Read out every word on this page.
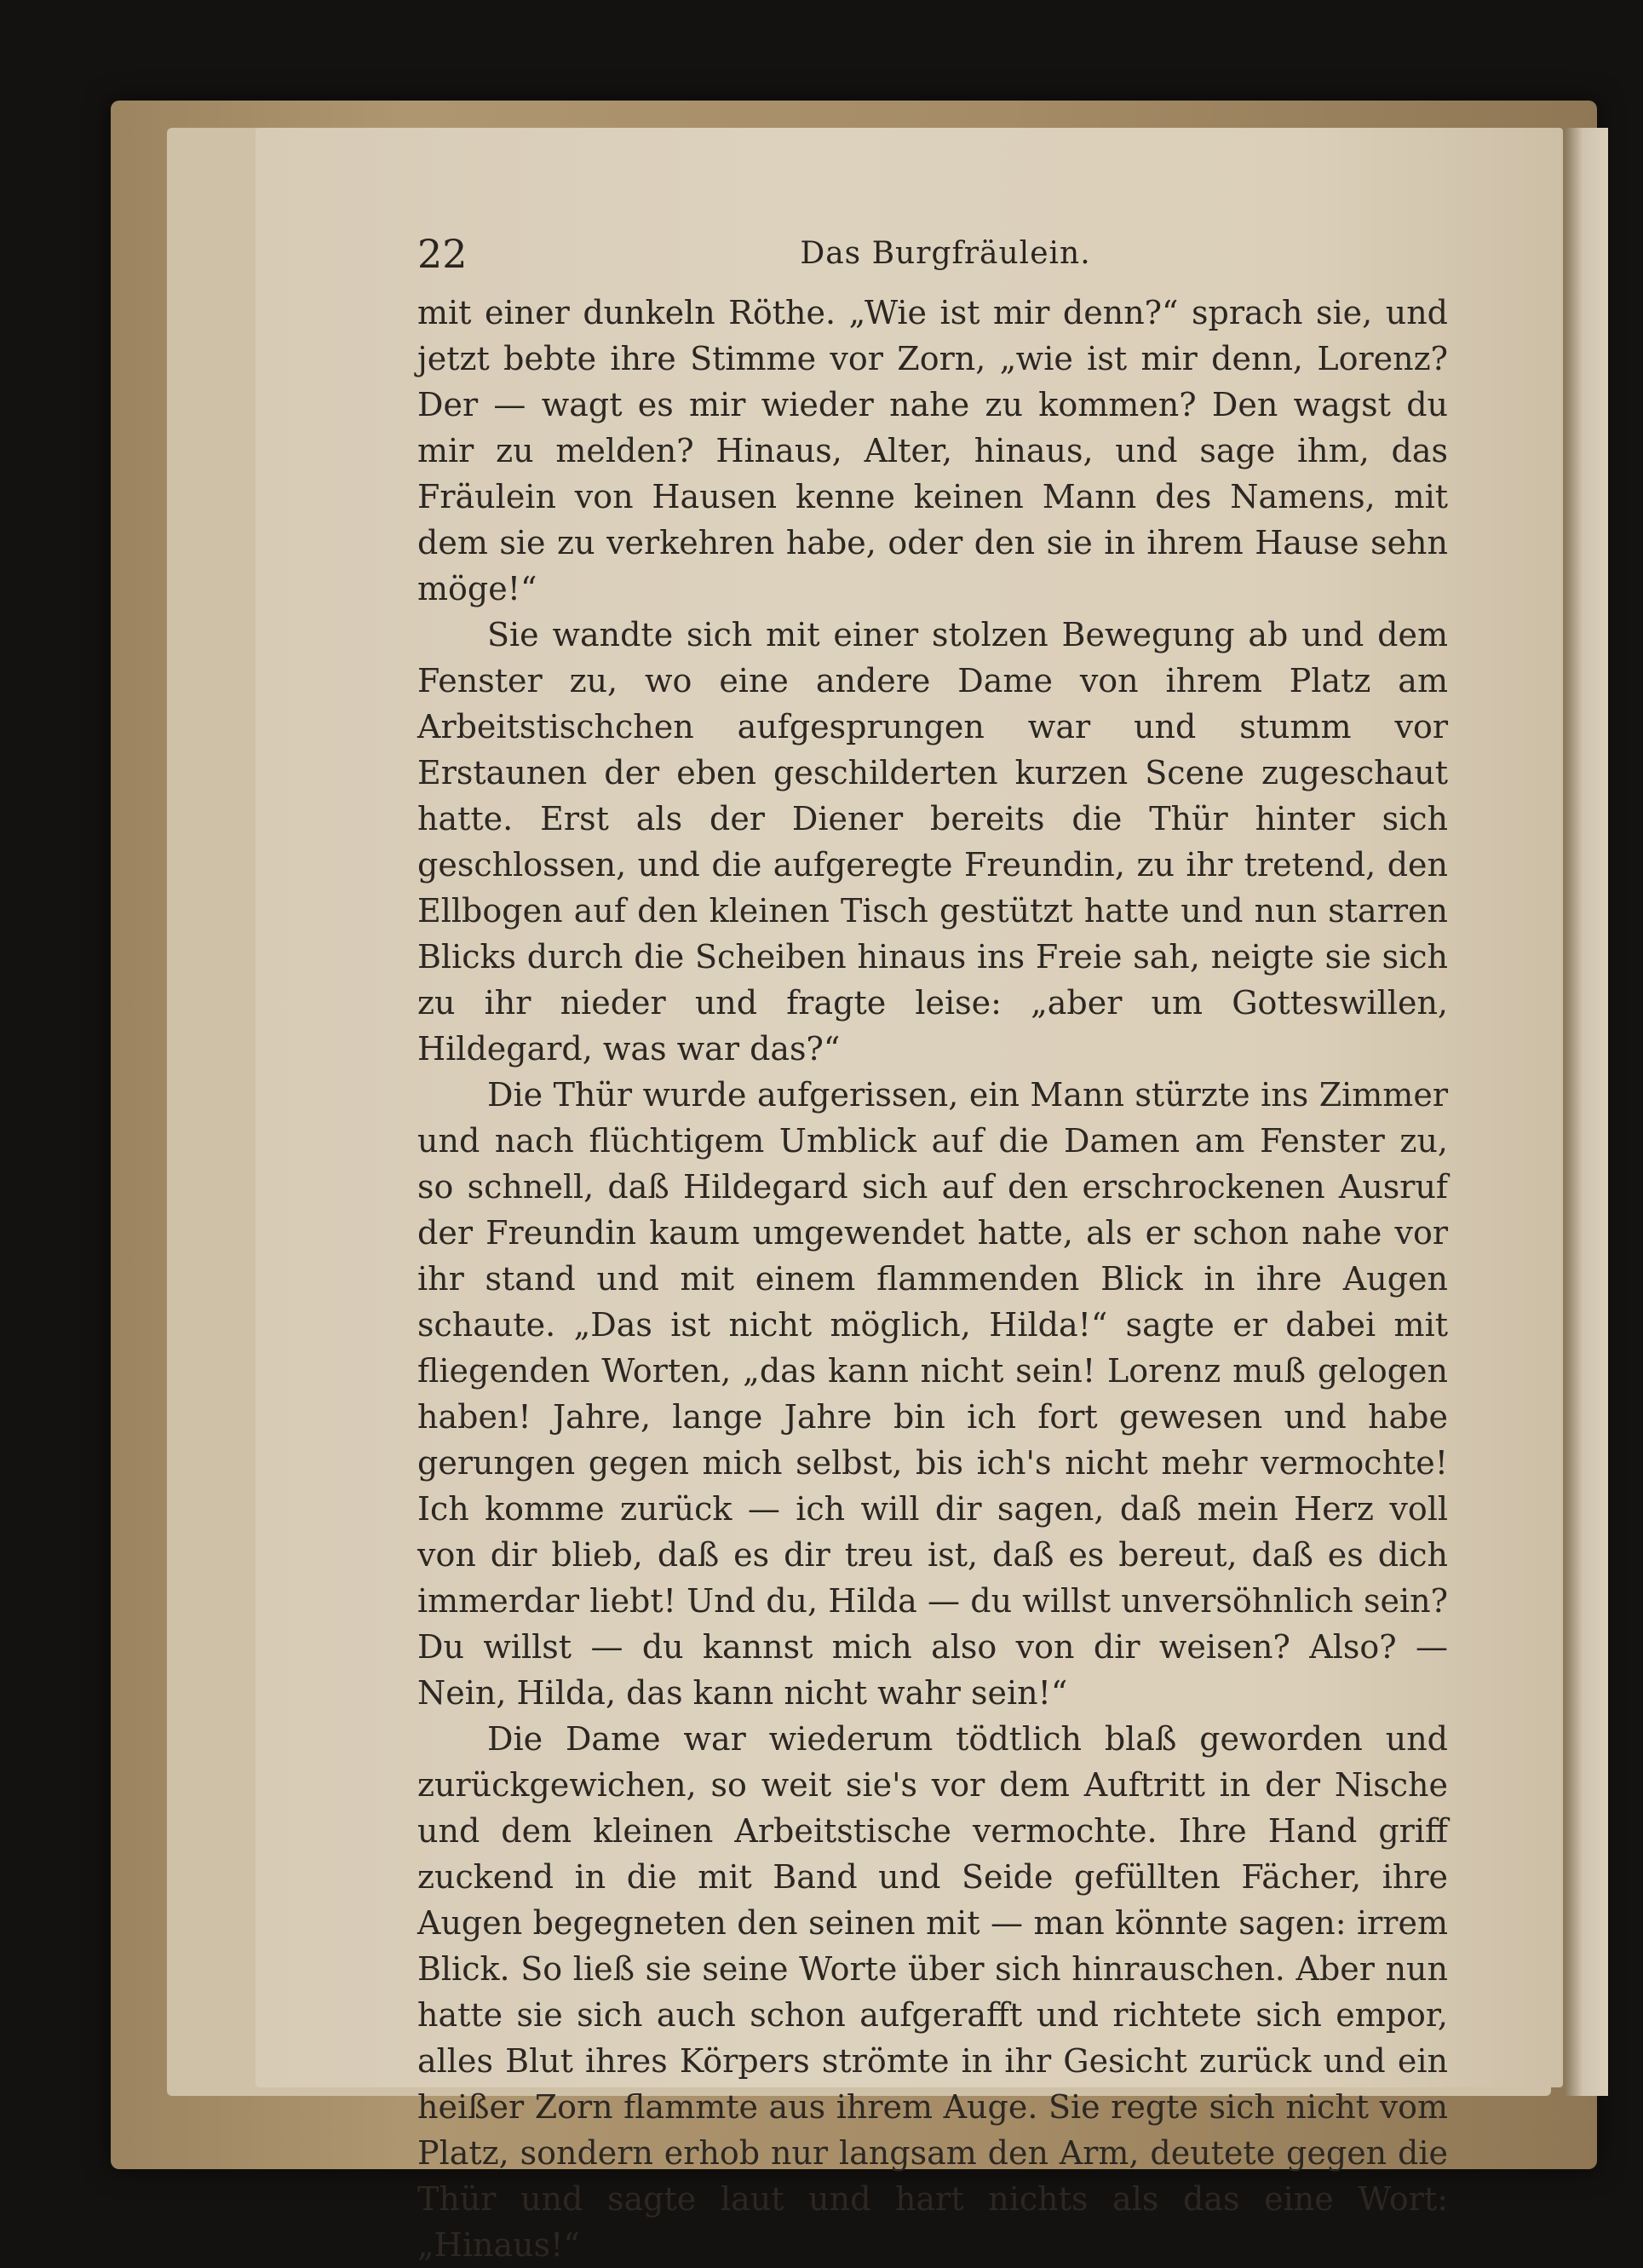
22	Das Burgfräulein.

mit einer dunkeln Röthe. „Wie ist mir denn?“ sprach sie, und jetzt bebte ihre Stimme vor Zorn, „wie ist mir denn, Lorenz? Der — wagt es mir wieder nahe zu kommen? Den wagst du mir zu melden? Hinaus, Alter, hinaus, und sage ihm, das Fräulein von Hausen kenne keinen Mann des Namens, mit dem sie zu verkehren habe, oder den sie in ihrem Hause sehn möge!“

Sie wandte sich mit einer stolzen Bewegung ab und dem Fenster zu, wo eine andere Dame von ihrem Platz am Arbeitstischchen aufgesprungen war und stumm vor Erstaunen der eben geschilderten kurzen Scene zugeschaut hatte. Erst als der Diener bereits die Thür hinter sich geschlossen, und die aufgeregte Freundin, zu ihr tretend, den Ellbogen auf den kleinen Tisch gestützt hatte und nun starren Blicks durch die Scheiben hinaus ins Freie sah, neigte sie sich zu ihr nieder und fragte leise: „aber um Gotteswillen, Hildegard, was war das?“

Die Thür wurde aufgerissen, ein Mann stürzte ins Zimmer und nach flüchtigem Umblick auf die Damen am Fenster zu, so schnell, daß Hildegard sich auf den erschrockenen Ausruf der Freundin kaum umgewendet hatte, als er schon nahe vor ihr stand und mit einem flammenden Blick in ihre Augen schaute. „Das ist nicht möglich, Hilda!“ sagte er dabei mit fliegenden Worten, „das kann nicht sein! Lorenz muß gelogen haben! Jahre, lange Jahre bin ich fort gewesen und habe gerungen gegen mich selbst, bis ich's nicht mehr vermochte! Ich komme zurück — ich will dir sagen, daß mein Herz voll von dir blieb, daß es dir treu ist, daß es bereut, daß es dich immerdar liebt! Und du, Hilda — du willst unversöhnlich sein? Du willst — du kannst mich also von dir weisen? Also? — Nein, Hilda, das kann nicht wahr sein!“

Die Dame war wiederum tödtlich blaß geworden und zurückgewichen, so weit sie's vor dem Auftritt in der Nische und dem kleinen Arbeitstische vermochte. Ihre Hand griff zuckend in die mit Band und Seide gefüllten Fächer, ihre Augen begegneten den seinen mit — man könnte sagen: irrem Blick. So ließ sie seine Worte über sich hinrauschen. Aber nun hatte sie sich auch schon aufgerafft und richtete sich empor, alles Blut ihres Körpers strömte in ihr Gesicht zurück und ein heißer Zorn flammte aus ihrem Auge. Sie regte sich nicht vom Platz, sondern erhob nur langsam den Arm, deutete gegen die Thür und sagte laut und hart nichts als das eine Wort: „Hinaus!“
